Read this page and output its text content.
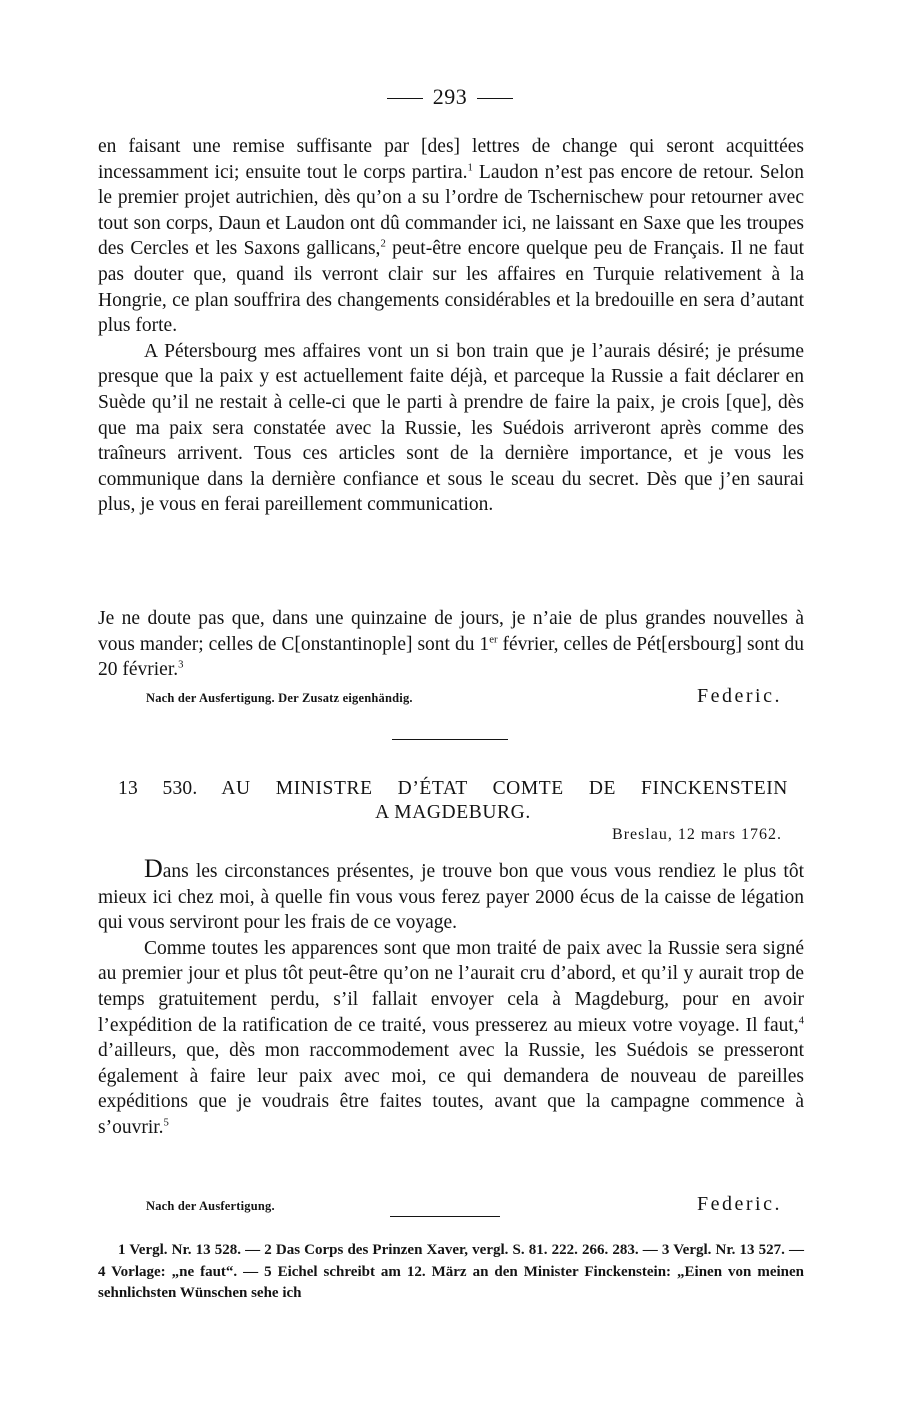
293

en faisant une remise suffisante par [des] lettres de change qui seront acquittées incessamment ici; ensuite tout le corps partira.$^1$ Laudon n’est pas encore de retour. Selon le premier projet autrichien, dès qu’on a su l’ordre de Tschernischew pour retourner avec tout son corps, Daun et Laudon ont dû commander ici, ne laissant en Saxe que les troupes des Cercles et les Saxons gallicans,$^2$ peut-être encore quelque peu de Français. Il ne faut pas douter que, quand ils verront clair sur les affaires en Turquie relativement à la Hongrie, ce plan souffrira des changements considérables et la bredouille en sera d’autant plus forte.

A Pétersbourg mes affaires vont un si bon train que je l’aurais désiré; je présume presque que la paix y est actuellement faite déjà, et parceque la Russie a fait déclarer en Suède qu’il ne restait à celle-ci que le parti à prendre de faire la paix, je crois [que], dès que ma paix sera constatée avec la Russie, les Suédois arriveront après comme des traîneurs arrivent. Tous ces articles sont de la dernière importance, et je vous les communique dans la dernière confiance et sous le sceau du secret. Dès que j’en saurai plus, je vous en ferai pareillement communication.

Je ne doute pas que, dans une quinzaine de jours, je n’aie de plus grandes nouvelles à vous mander; celles de C[onstantinople] sont du 1er février, celles de Pét[ersbourg] sont du 20 février.$^3$

Nach der Ausfertigung. Der Zusatz eigenhändig.	Federic.
13 530. AU MINISTRE D’ÉTAT COMTE DE FINCKENSTEIN
A MAGDEBURG.
Breslau, 12 mars 1762.

Dans les circonstances présentes, je trouve bon que vous vous rendiez le plus tôt mieux ici chez moi, à quelle fin vous vous ferez payer 2000 écus de la caisse de légation qui vous serviront pour les frais de ce voyage.

Comme toutes les apparences sont que mon traité de paix avec la Russie sera signé au premier jour et plus tôt peut-être qu’on ne l’aurait cru d’abord, et qu’il y aurait trop de temps gratuitement perdu, s’il fallait envoyer cela à Magdeburg, pour en avoir l’expédition de la ratification de ce traité, vous presserez au mieux votre voyage. Il faut,$^4$ d’ailleurs, que, dès mon raccommodement avec la Russie, les Suédois se presseront également à faire leur paix avec moi, ce qui demandera de nouveau de pareilles expéditions que je voudrais être faites toutes, avant que la campagne commence à s’ouvrir.$^5$

Nach der Ausfertigung.	Federic.

1 Vergl. Nr. 13 528. — 2 Das Corps des Prinzen Xaver, vergl. S. 81. 222. 266. 283. — 3 Vergl. Nr. 13 527. — 4 Vorlage: „ne faut“. — 5 Eichel schreibt am 12. März an den Minister Finckenstein: „Einen von meinen sehnlichsten Wünschen sehe ich
